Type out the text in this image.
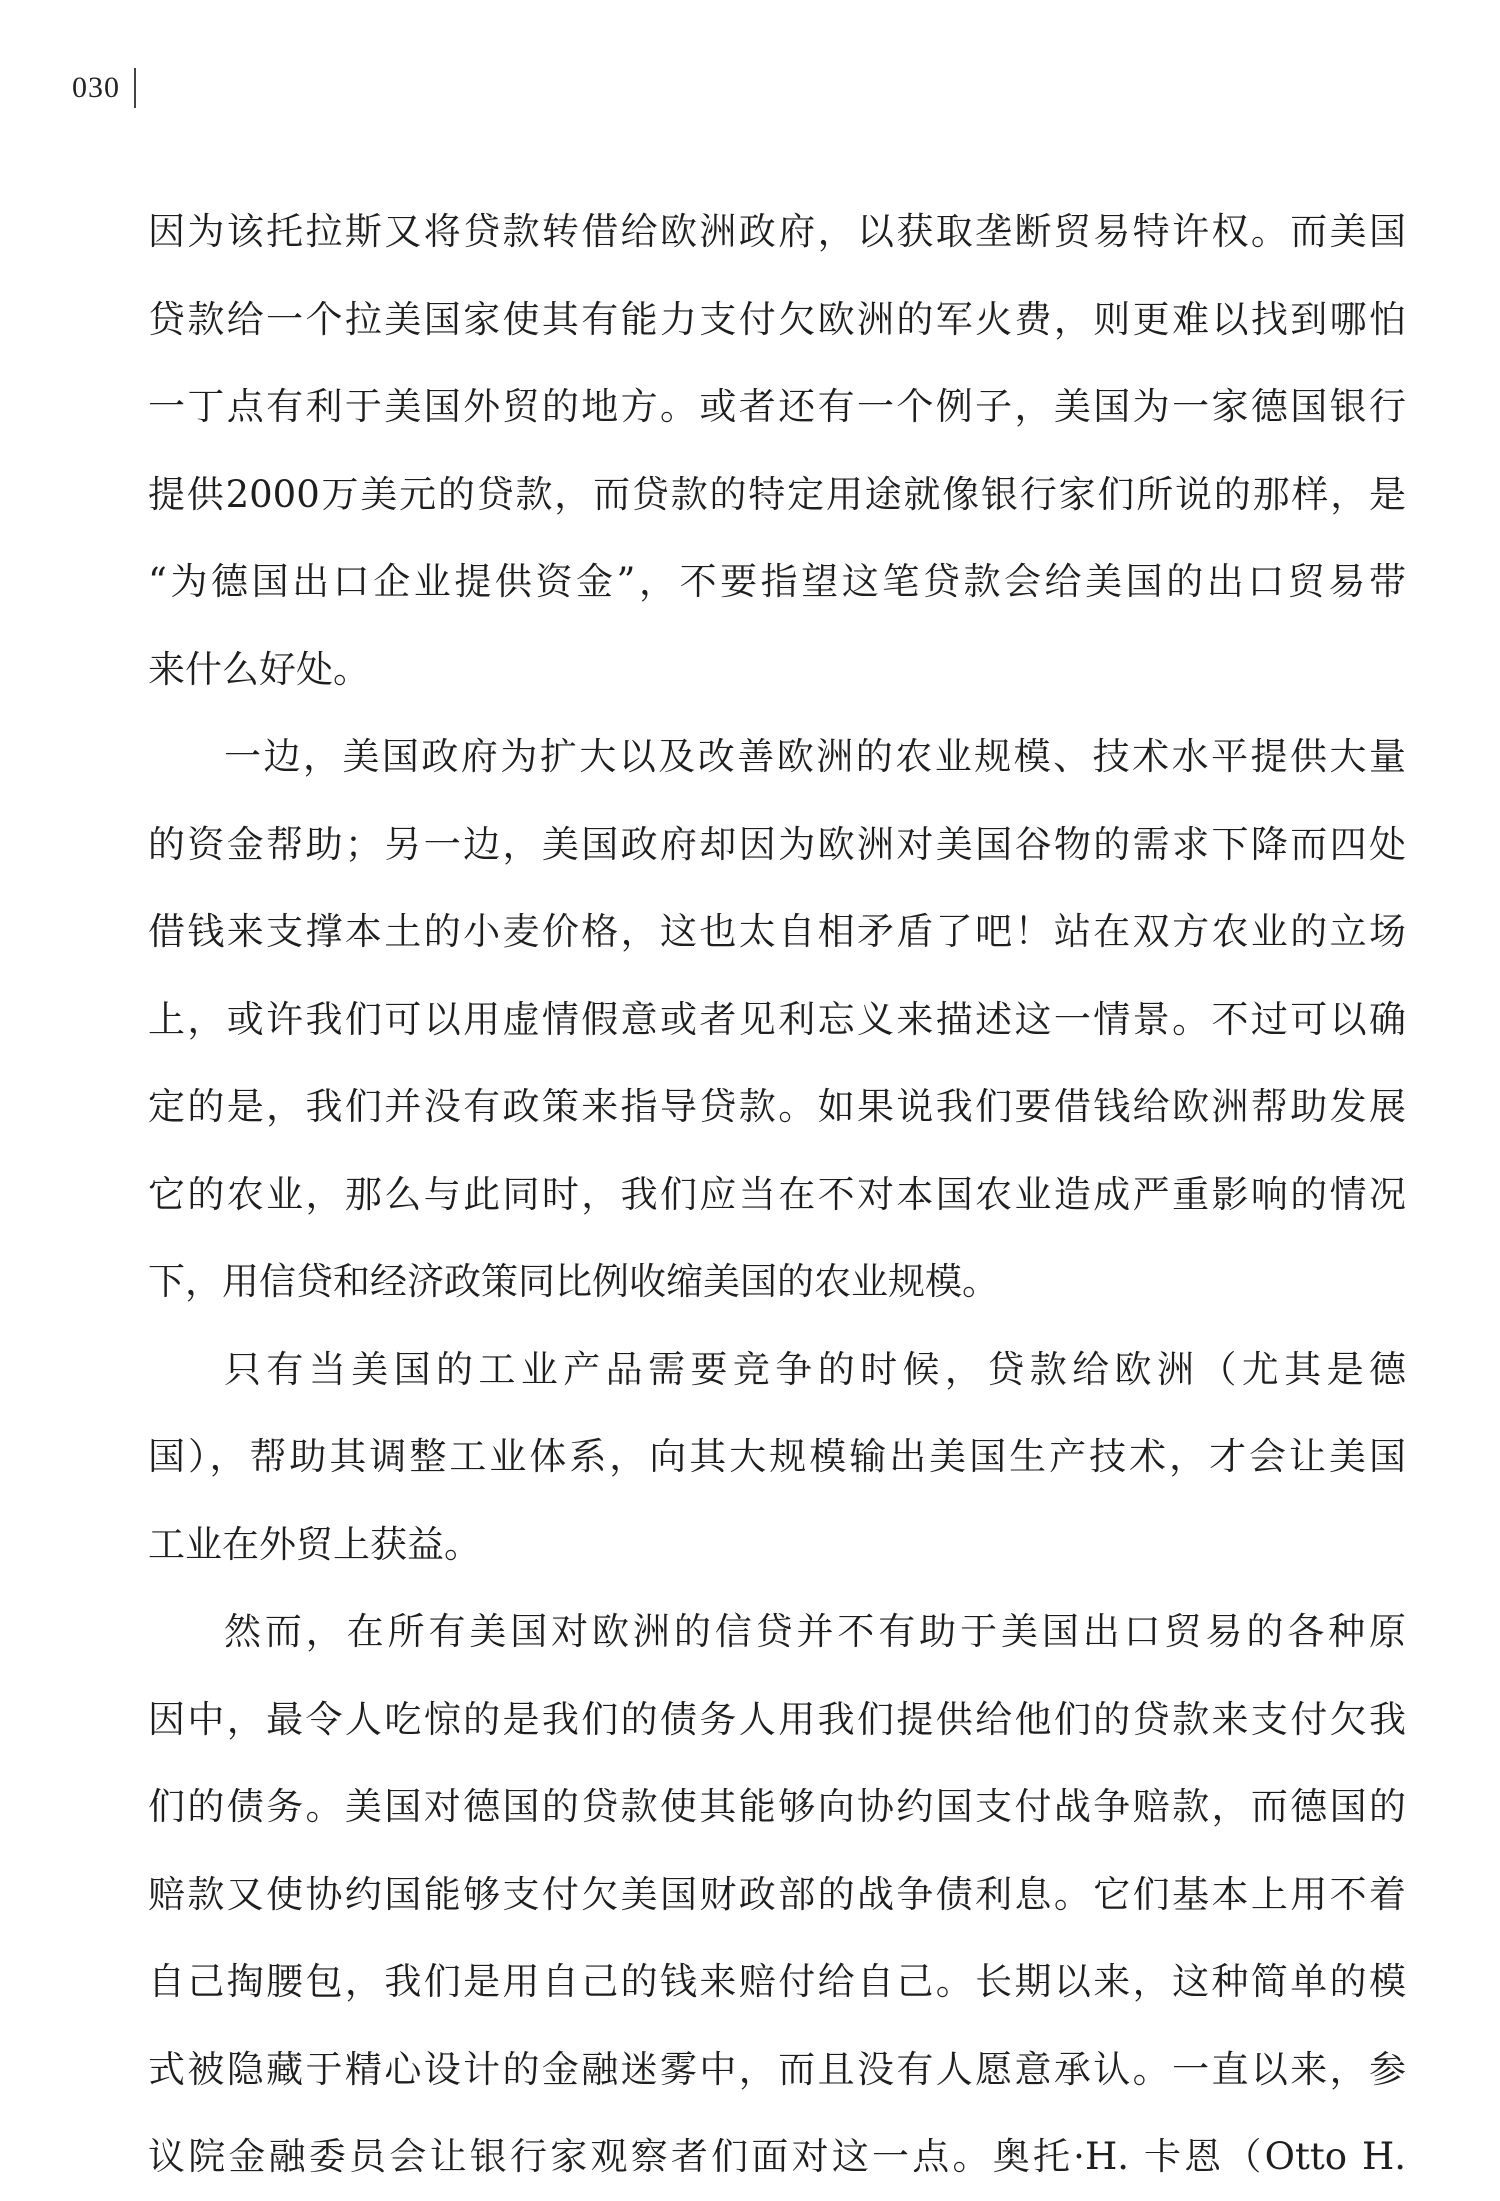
030
因为该托拉斯又将贷款转借给欧洲政府，以获取垄断贸易特许权。而美国
贷款给一个拉美国家使其有能力支付欠欧洲的军火费，则更难以找到哪怕
一丁点有利于美国外贸的地方。或者还有一个例子，美国为一家德国银行
提供2000万美元的贷款，而贷款的特定用途就像银行家们所说的那样，是
“为德国出口企业提供资金”，不要指望这笔贷款会给美国的出口贸易带
来什么好处。
一边，美国政府为扩大以及改善欧洲的农业规模、技术水平提供大量
的资金帮助；另一边，美国政府却因为欧洲对美国谷物的需求下降而四处
借钱来支撑本土的小麦价格，这也太自相矛盾了吧！站在双方农业的立场
上，或许我们可以用虚情假意或者见利忘义来描述这一情景。不过可以确
定的是，我们并没有政策来指导贷款。如果说我们要借钱给欧洲帮助发展
它的农业，那么与此同时，我们应当在不对本国农业造成严重影响的情况
下，用信贷和经济政策同比例收缩美国的农业规模。
只有当美国的工业产品需要竞争的时候，贷款给欧洲（尤其是德
国），帮助其调整工业体系，向其大规模输出美国生产技术，才会让美国
工业在外贸上获益。
然而，在所有美国对欧洲的信贷并不有助于美国出口贸易的各种原
因中，最令人吃惊的是我们的债务人用我们提供给他们的贷款来支付欠我
们的债务。美国对德国的贷款使其能够向协约国支付战争赔款，而德国的
赔款又使协约国能够支付欠美国财政部的战争债利息。它们基本上用不着
自己掏腰包，我们是用自己的钱来赔付给自己。长期以来，这种简单的模
式被隐藏于精心设计的金融迷雾中，而且没有人愿意承认。一直以来，参
议院金融委员会让银行家观察者们面对这一点。奥托·H. 卡恩（Otto H.
